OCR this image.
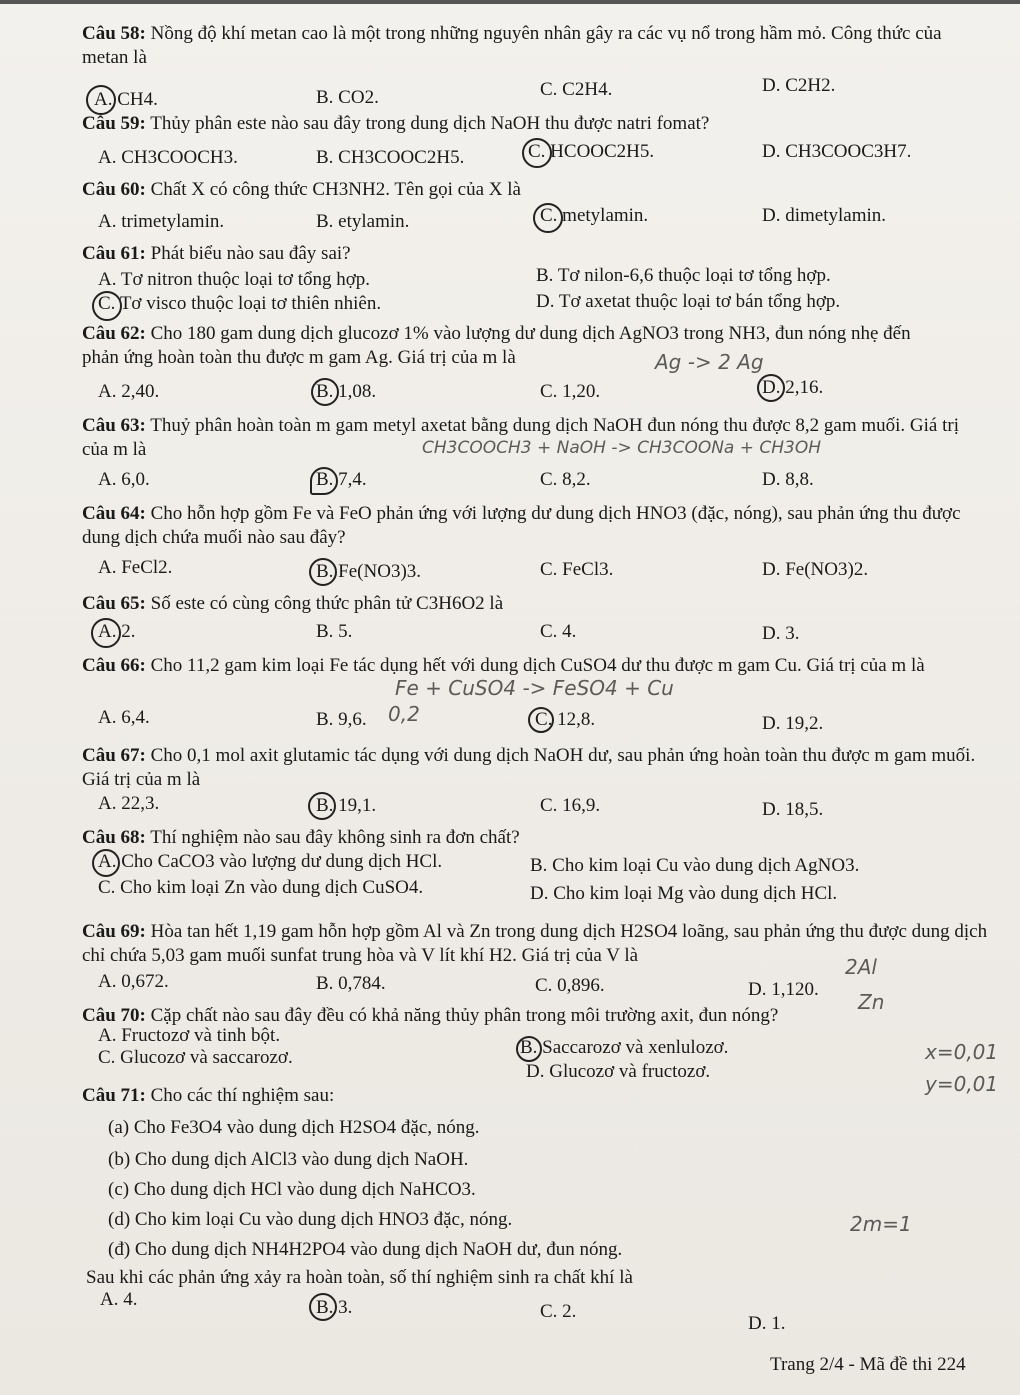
Câu 58: Nồng độ khí metan cao là một trong những nguyên nhân gây ra các vụ nổ trong hầm mỏ. Công thức của metan là
A. CH4.	B. CO2.	C. C2H4.	D. C2H2.
Câu 59: Thủy phân este nào sau đây trong dung dịch NaOH thu được natri fomat?
A. CH3COOCH3.	B. CH3COOC2H5.	C. HCOOC2H5.	D. CH3COOC3H7.
Câu 60: Chất X có công thức CH3NH2. Tên gọi của X là
A. trimetylamin.	B. etylamin.	C. metylamin.	D. dimetylamin.
Câu 61: Phát biểu nào sau đây sai?
A. Tơ nitron thuộc loại tơ tổng hợp.	B. Tơ nilon-6,6 thuộc loại tơ tổng hợp.
C. Tơ visco thuộc loại tơ thiên nhiên.	D. Tơ axetat thuộc loại tơ bán tổng hợp.
Câu 62: Cho 180 gam dung dịch glucozơ 1% vào lượng dư dung dịch AgNO3 trong NH3, đun nóng nhẹ đến phản ứng hoàn toàn thu được m gam Ag. Giá trị của m là
A. 2,40.	B. 1,08.	C. 1,20.	D. 2,16.
Ag -> 2 Ag
Câu 63: Thuỷ phân hoàn toàn m gam metyl axetat bằng dung dịch NaOH đun nóng thu được 8,2 gam muối. Giá trị của m là	CH3COOCH3 + NaOH -> CH3COONa + CH3OH
A. 6,0.	B. 7,4.	C. 8,2.	D. 8,8.
Câu 64: Cho hỗn hợp gồm Fe và FeO phản ứng với lượng dư dung dịch HNO3 (đặc, nóng), sau phản ứng thu được dung dịch chứa muối nào sau đây?
A. FeCl2.	B. Fe(NO3)3.	C. FeCl3.	D. Fe(NO3)2.
Câu 65: Số este có cùng công thức phân tử C3H6O2 là
A. 2.	B. 5.	C. 4.	D. 3.
Câu 66: Cho 11,2 gam kim loại Fe tác dụng hết với dung dịch CuSO4 dư thu được m gam Cu. Giá trị của m là
Fe + CuSO4 -> FeSO4 + Cu
A. 6,4.	B. 9,6. 0,2	C. 12,8.	D. 19,2.
Câu 67: Cho 0,1 mol axit glutamic tác dụng với dung dịch NaOH dư, sau phản ứng hoàn toàn thu được m gam muối. Giá trị của m là
A. 22,3.	B. 19,1.	C. 16,9.	D. 18,5.
Câu 68: Thí nghiệm nào sau đây không sinh ra đơn chất?
A. Cho CaCO3 vào lượng dư dung dịch HCl.	B. Cho kim loại Cu vào dung dịch AgNO3.
C. Cho kim loại Zn vào dung dịch CuSO4.	D. Cho kim loại Mg vào dung dịch HCl.
Câu 69: Hòa tan hết 1,19 gam hỗn hợp gồm Al và Zn trong dung dịch H2SO4 loãng, sau phản ứng thu được dung dịch chỉ chứa 5,03 gam muối sunfat trung hòa và V lít khí H2. Giá trị của V là
A. 0,672.	B. 0,784.	C. 0,896.	D. 1,120.
2Al
Zn
Câu 70: Cặp chất nào sau đây đều có khả năng thủy phân trong môi trường axit, đun nóng?
A. Fructozơ và tinh bột.
B. Saccarozơ và xenlulozơ.
C. Glucozơ và saccarozơ.
D. Glucozơ và fructozơ.
x=0,01
y=0,01
Câu 71: Cho các thí nghiệm sau:
(a) Cho Fe3O4 vào dung dịch H2SO4 đặc, nóng.
(b) Cho dung dịch AlCl3 vào dung dịch NaOH.
(c) Cho dung dịch HCl vào dung dịch NaHCO3.
(d) Cho kim loại Cu vào dung dịch HNO3 đặc, nóng.
(đ) Cho dung dịch NH4H2PO4 vào dung dịch NaOH dư, đun nóng.
2m=1
Sau khi các phản ứng xảy ra hoàn toàn, số thí nghiệm sinh ra chất khí là
A. 4.	B. 3.	C. 2.
D. 1.
Trang 2/4 - Mã đề thi 224
